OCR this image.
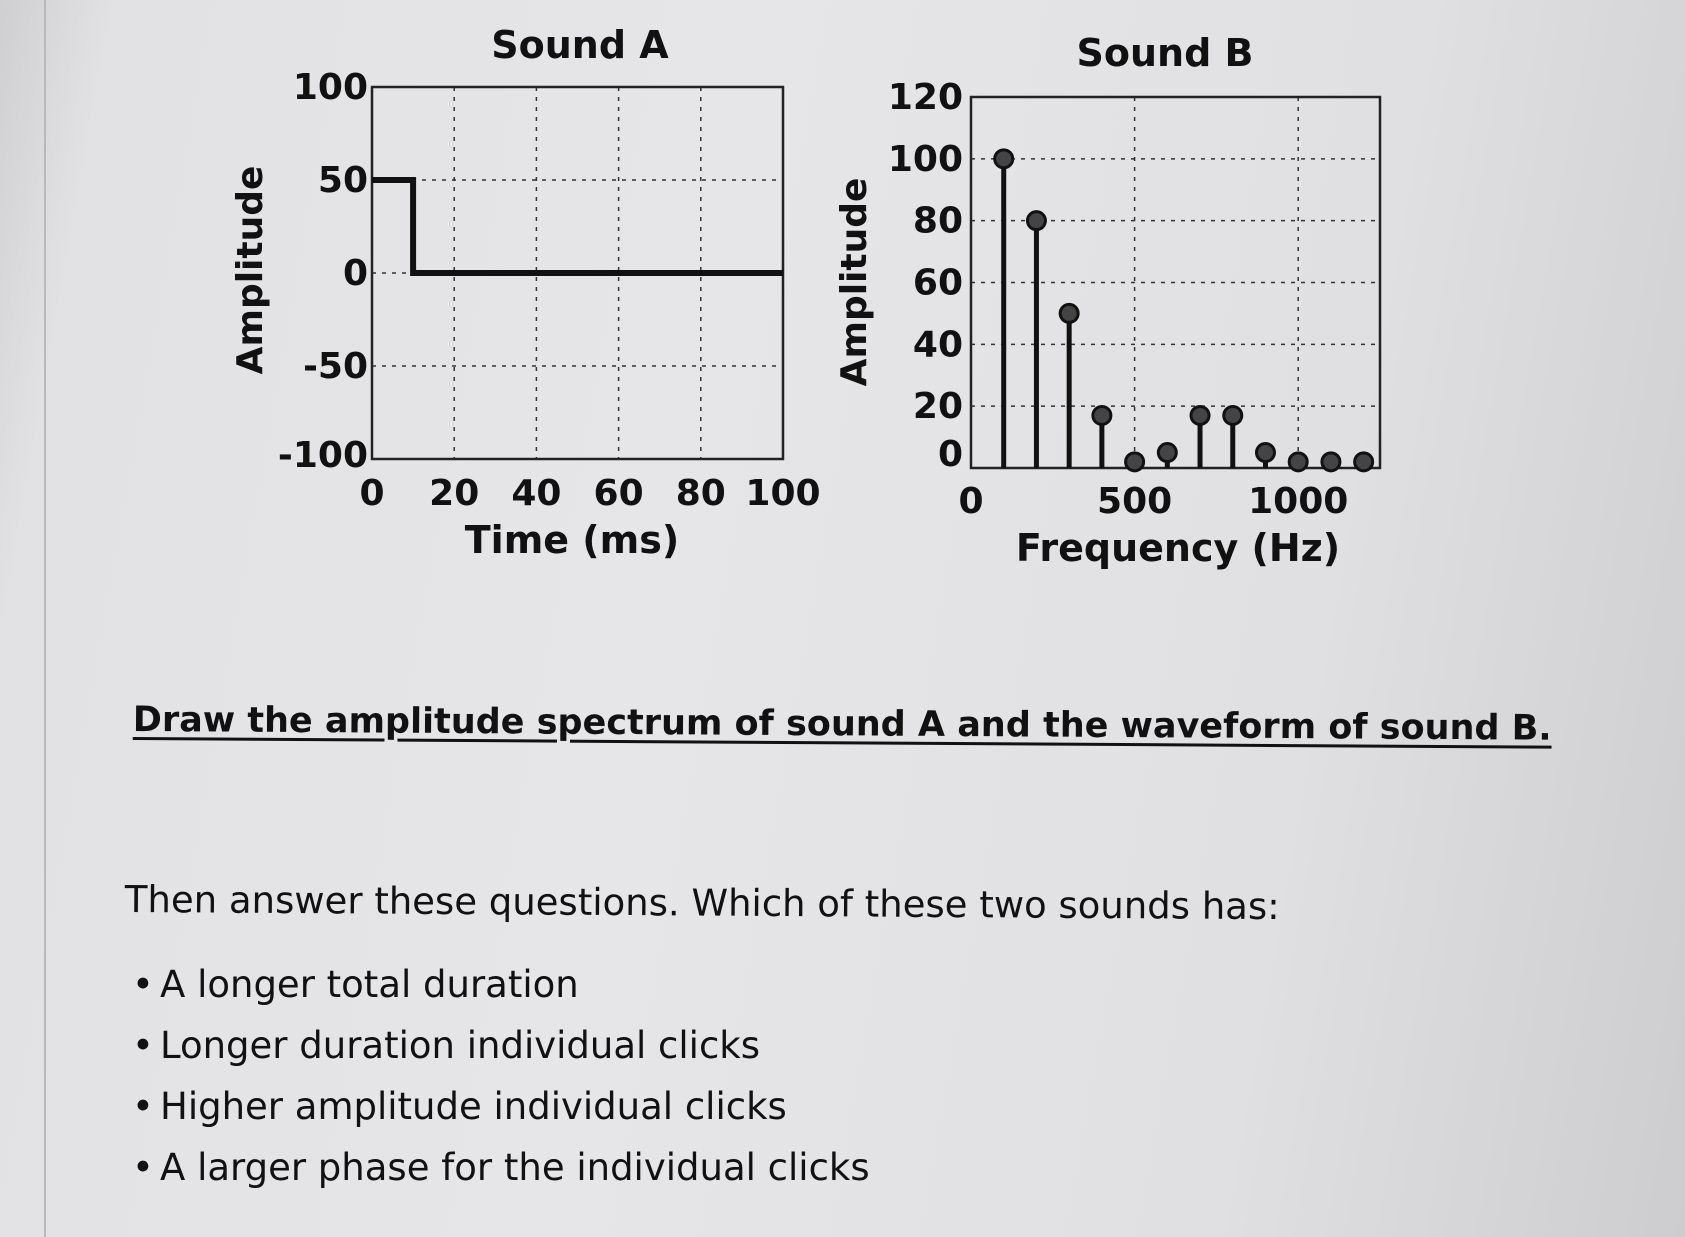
Sound A
Amplitude
Time (ms)
100
50
0
-50
-100
0 20 40 60 80 100
Sound B
Amplitude
Frequency (Hz)
120
100
80
60
40
20
0
0	500 1000
Draw the amplitude spectrum of sound A and the waveform of sound B.
Then answer these questions. Which of these two sounds has:
• A longer total duration
• Longer duration individual clicks
• Higher amplitude individual clicks
• A larger phase for the individual clicks
